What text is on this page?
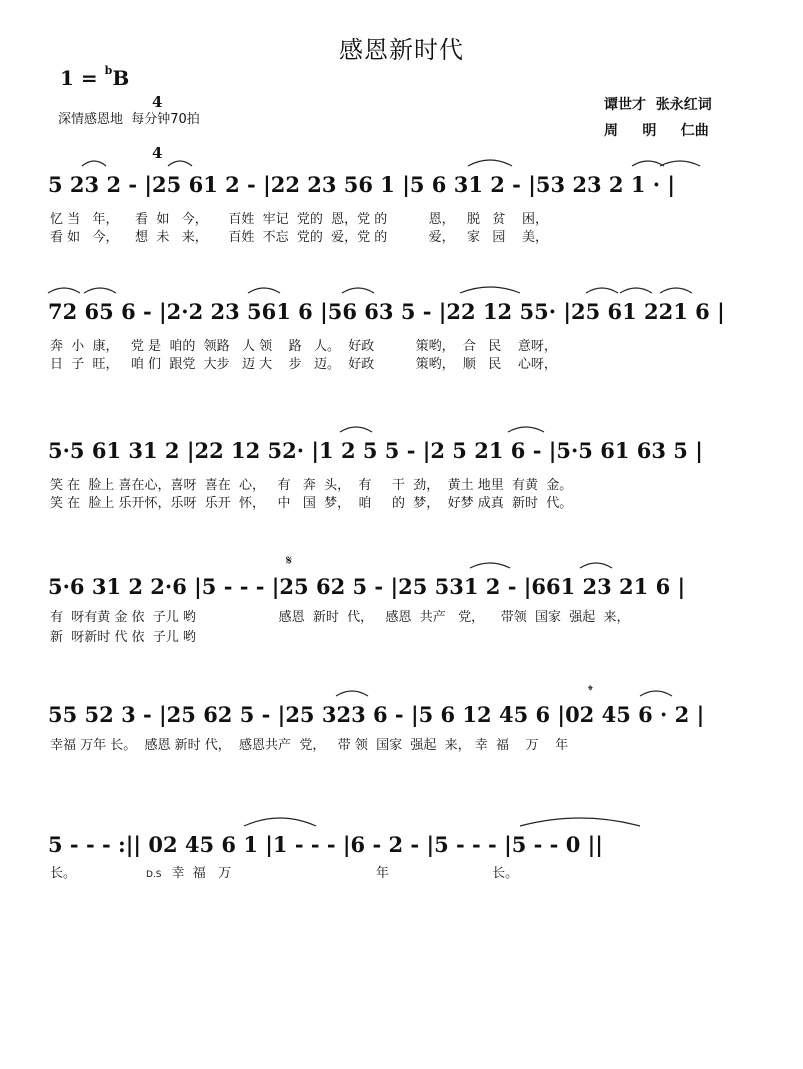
感恩新时代
1 = $^b$B

4

4

深情感恩地  每分钟70拍
谭世才  张永红词
周     明     仁曲
5 23 2 - |25 61 2 - |22 23 56 1 |5 6 31 2 - |53 23 2 1 · |
忆 当   年，    看  如   今，     百姓  牢记  党的  恩，党 的          恩，   脱   贫    困，
看 如   今，    想  未   来，     百姓  不忘  党的  爱，党 的          爱，   家   园    美，
72 65 6 - |2·2 23 561 6 |56 63 5 - |22 12 55· |25 61 221 6 |
奔  小  康，   党 是  咱的  领路   人 领    路   人。  好政          策哟，  合   民    意呀，
日  子  旺，   咱 们  跟党  大步   迈 大    步   迈。  好政          策哟，  顺   民    心呀，
5·5 61 31 2 |22 12 52· |1 2 5 5 - |2 5 21 6 - |5·5 61 63 5 |
笑 在  脸上 喜在心，喜呀  喜在  心，   有   奔  头，  有     干  劲，  黄土 地里  有黄  金。
笑 在  脸上 乐开怀，乐呀  乐开  怀，   中   国  梦，  咱     的  梦，  好梦 成真  新时  代。
𝄋
5·6 31 2 2·6 |5 - - - |25 62 5 - |25 531 2 - |661 23 21 6 |
有  呀有黄 金 依  子儿 哟                    感恩  新时  代，   感恩  共产   党，    带领  国家  强起  来，
新  呀新时 代 依  子儿 哟
𝄌
55 52 3 - |25 62 5 - |25 323 6 - |5 6 12 45 6 |02 45 6 · 2 |
幸福 万年 长。  感恩 新时 代，  感恩共产  党，   带 领  国家  强起  来， 幸  福    万    年
5 - - - :|| 02 45 6 1 |1 - - - |6 - 2 - |5 - - - |5 - - 0 ||
长。	D.S 幸  福   万                                   年                         长。
